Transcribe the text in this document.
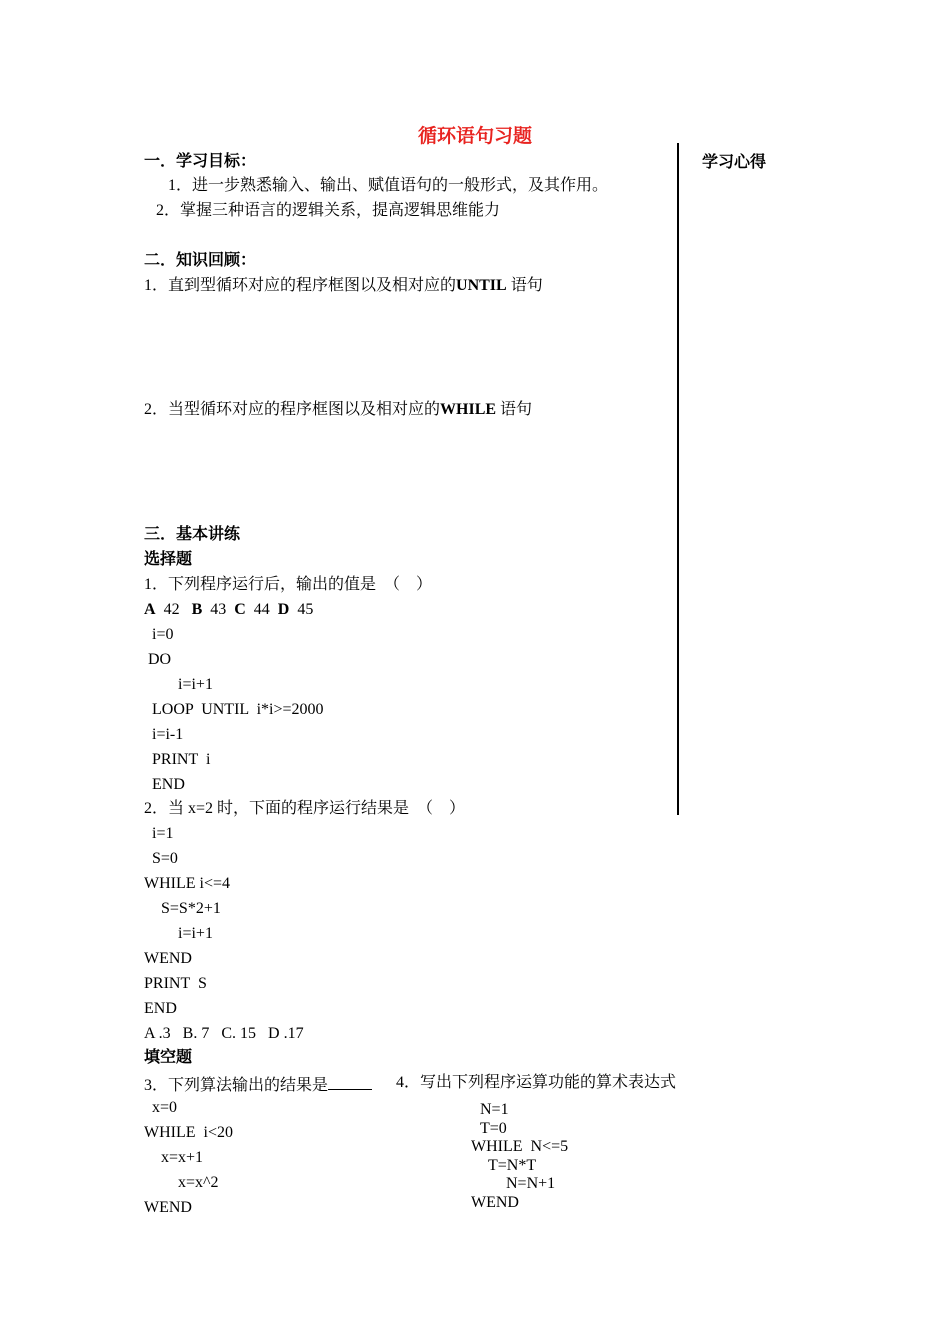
循环语句习题
学习心得
一．学习目标：
1．进一步熟悉输入、输出、赋值语句的一般形式，及其作用。
2．掌握三种语言的逻辑关系，提高逻辑思维能力
二．知识回顾：
1．直到型循环对应的程序框图以及相对应的UNTIL 语句
2．当型循环对应的程序框图以及相对应的WHILE 语句
三．基本讲练
选择题
1．下列程序运行后，输出的值是　（　）
A 42 B 43 C 44 D 45
i=0
DO
i=i+1
LOOP  UNTIL  i*i>=2000
i=i-1
PRINT  i
END
2．当 x=2 时，下面的程序运行结果是　（　）
i=1
S=0
WHILE i<=4
S=S*2+1
i=i+1
WEND
PRINT  S
END
A .3   B. 7   C. 15   D .17
填空题
3．下列算法输出的结果是	4．写出下列程序运算功能的算术表达式
x=0
WHILE  i<20
x=x+1
x=x^2
WEND
N=1
T=0
WHILE  N<=5
T=N*T
N=N+1
WEND
